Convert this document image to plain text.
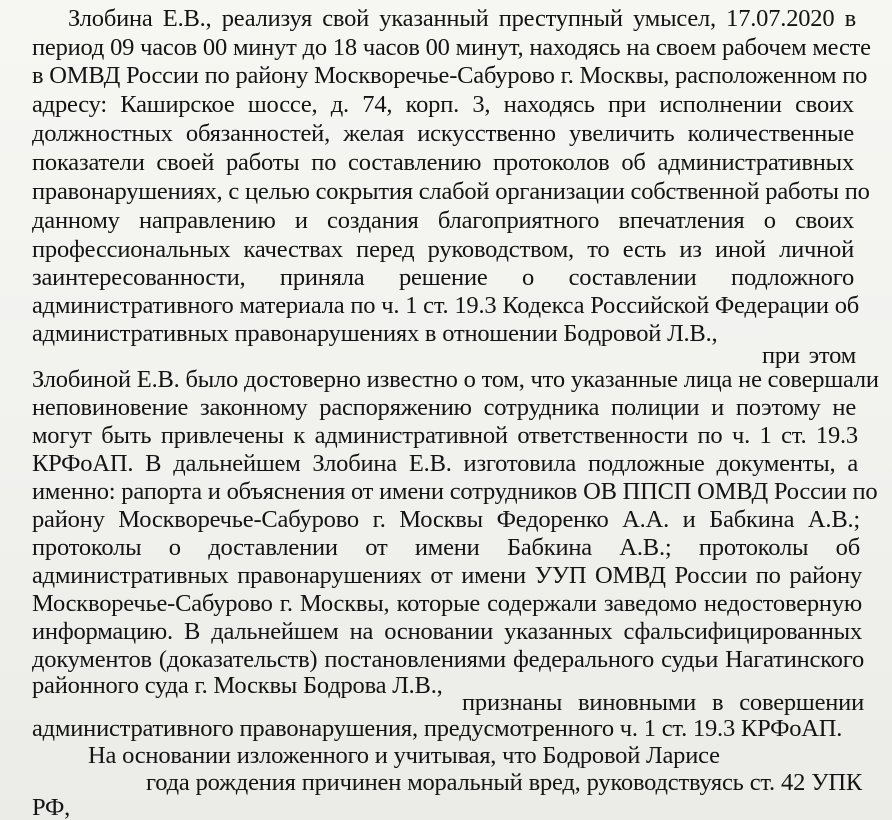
Злобина Е.В., реализуя свой указанный преступный умысел, 17.07.2020 в
период 09 часов 00 минут до 18 часов 00 минут, находясь на своем рабочем месте
в ОМВД России по району Москворечье-Сабурово г. Москвы, расположенном по
адресу: Каширское шоссе, д. 74, корп. 3, находясь при исполнении своих
должностных обязанностей, желая искусственно увеличить количественные
показатели своей работы по составлению протоколов об административных
правонарушениях, с целью сокрытия слабой организации собственной работы по
данному направлению и создания благоприятного впечатления о своих
профессиональных качествах перед руководством, то есть из иной личной
заинтересованности, приняла решение о составлении подложного
административного материала по ч. 1 ст. 19.3 Кодекса Российской Федерации об
административных правонарушениях в отношении Бодровой Л.В.,
при этом
Злобиной Е.В. было достоверно известно о том, что указанные лица не совершали
неповиновение законному распоряжению сотрудника полиции и поэтому не
могут быть привлечены к административной ответственности по ч. 1 ст. 19.3
КРФоАП. В дальнейшем Злобина Е.В. изготовила подложные документы, а
именно: рапорта и объяснения от имени сотрудников ОВ ППСП ОМВД России по
району Москворечье-Сабурово г. Москвы Федоренко А.А. и Бабкина А.В.;
протоколы о доставлении от имени Бабкина А.В.; протоколы об
административных правонарушениях от имени УУП ОМВД России по району
Москворечье-Сабурово г. Москвы, которые содержали заведомо недостоверную
информацию. В дальнейшем на основании указанных сфальсифицированных
документов (доказательств) постановлениями федерального судьи Нагатинского
районного суда г. Москвы Бодрова Л.В.,
признаны виновными в совершении
административного правонарушения, предусмотренного ч. 1 ст. 19.3 КРФоАП.
На основании изложенного и учитывая, что Бодровой Ларисе
года рождения причинен моральный вред, руководствуясь ст. 42 УПК
РФ,
